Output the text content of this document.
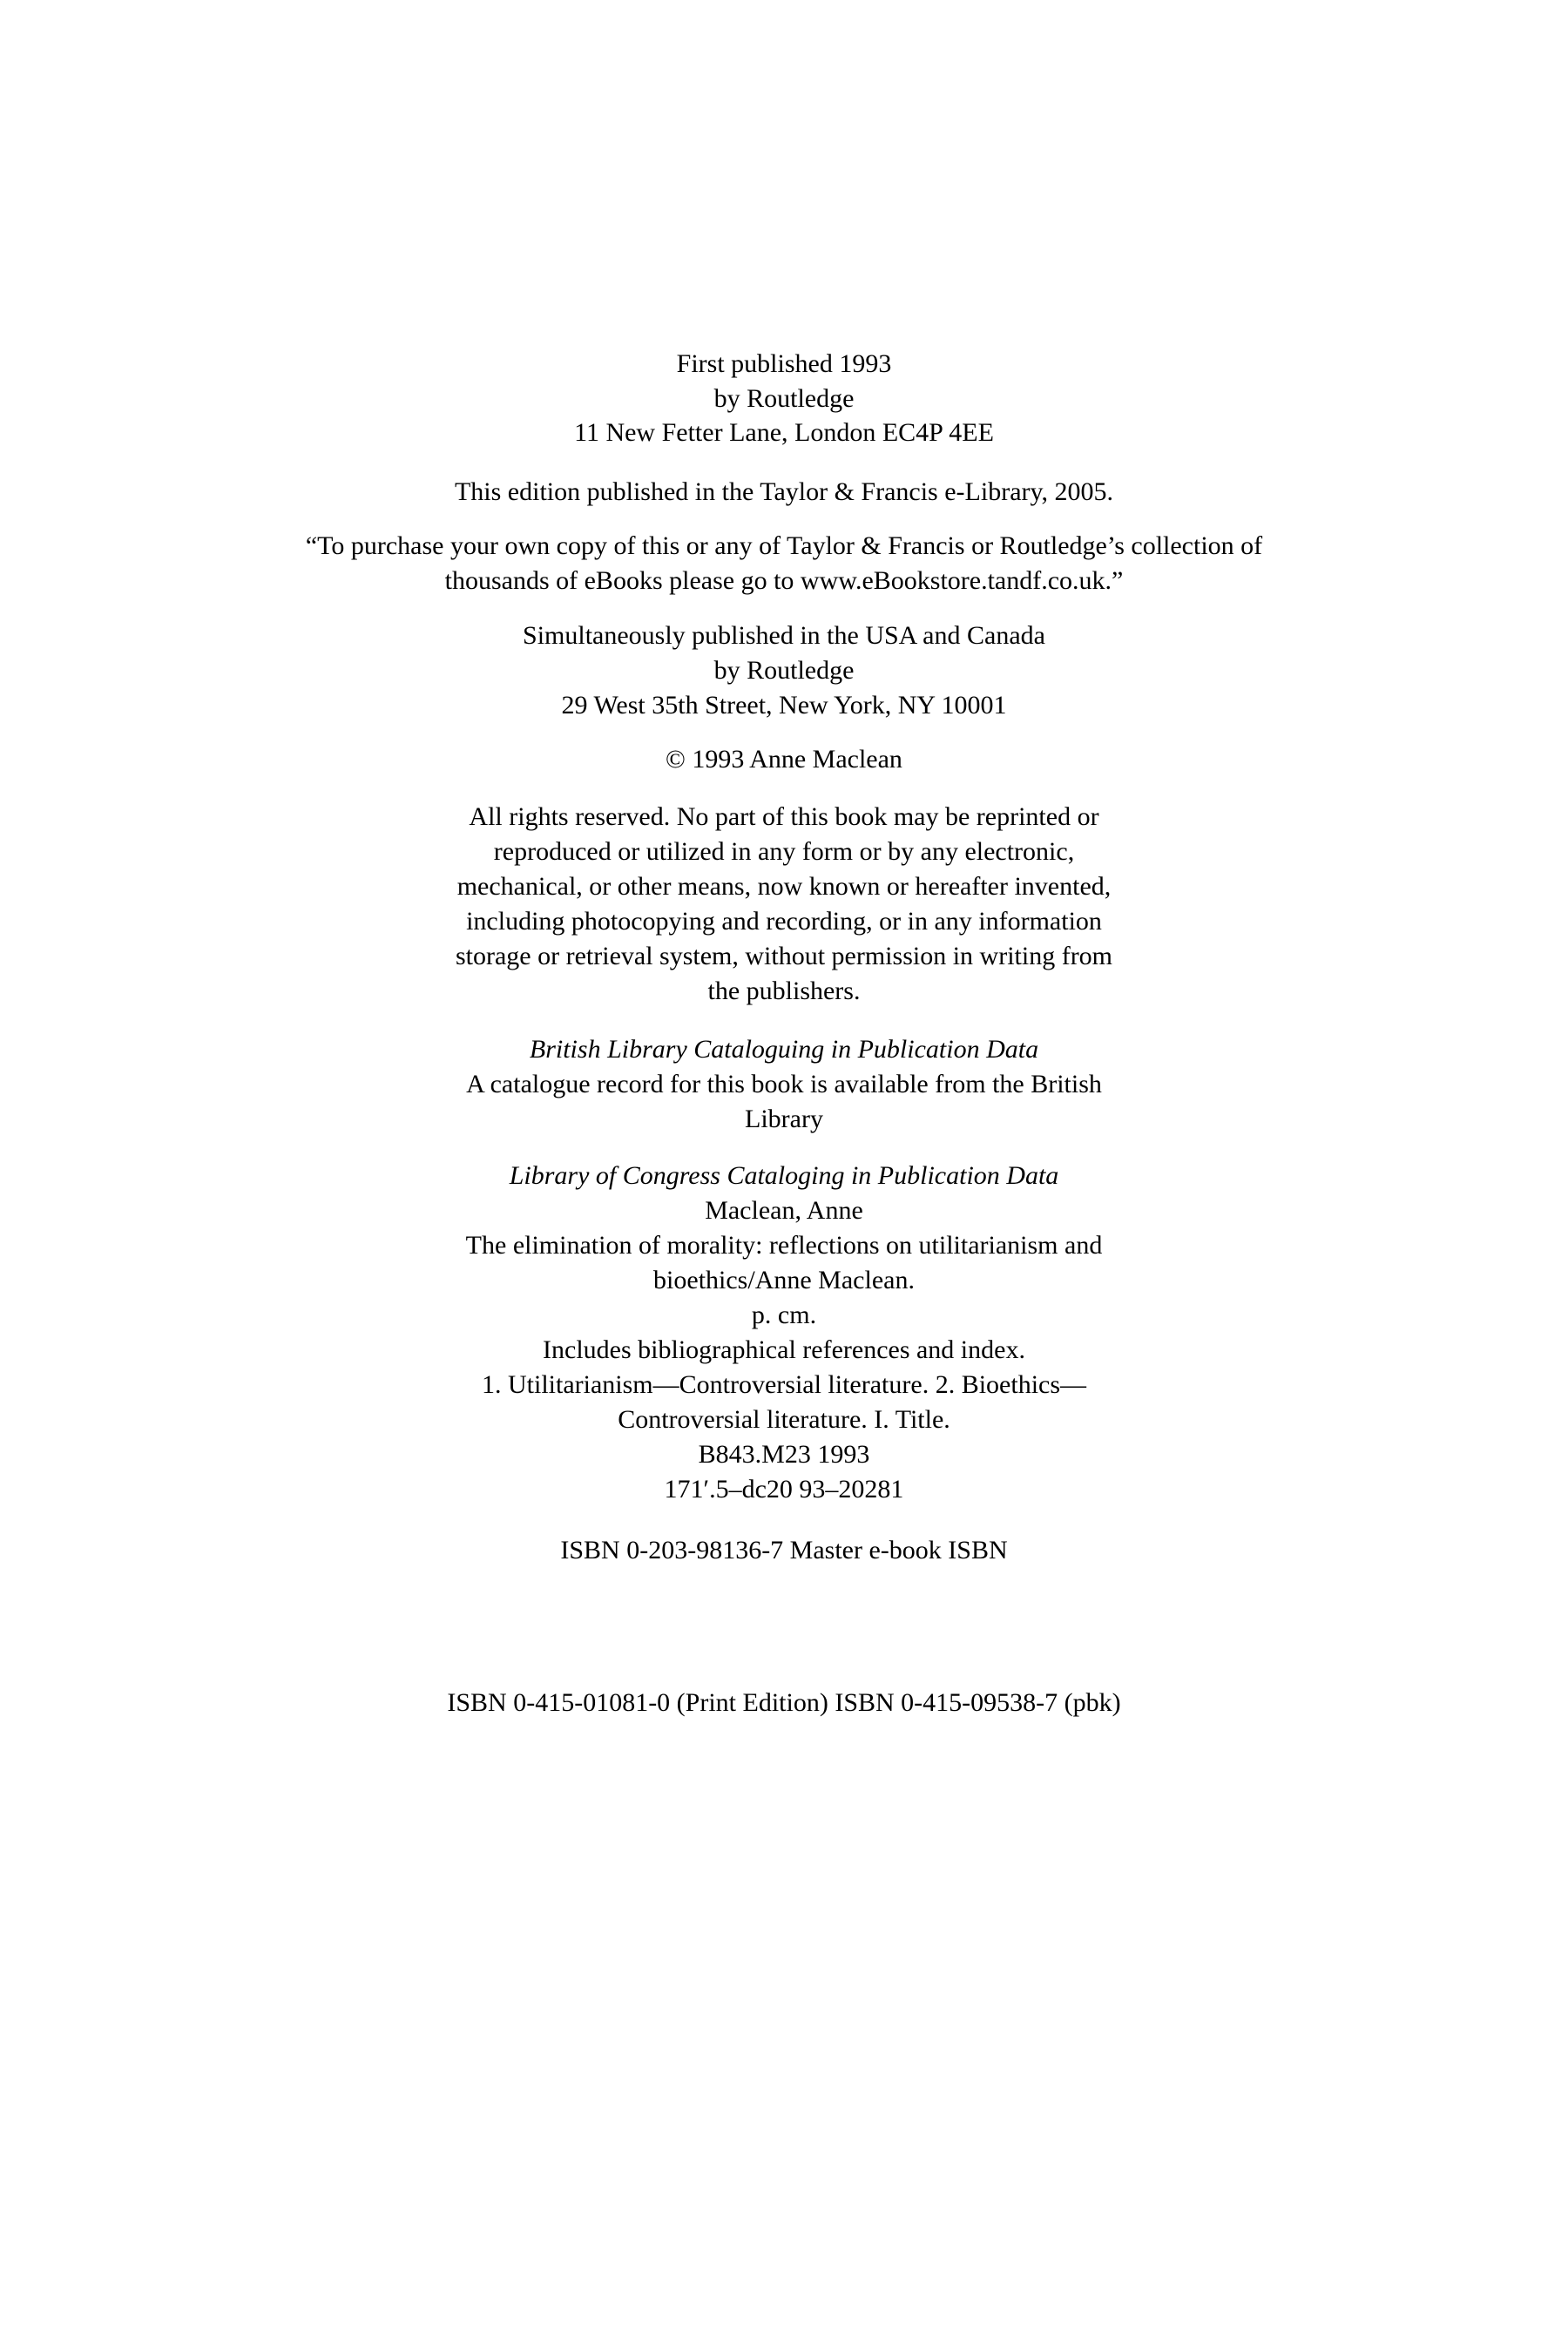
First published 1993
by Routledge
11 New Fetter Lane, London EC4P 4EE
This edition published in the Taylor & Francis e-Library, 2005.
“To purchase your own copy of this or any of Taylor & Francis or Routledge’s collection of
thousands of eBooks please go to www.eBookstore.tandf.co.uk.”
Simultaneously published in the USA and Canada
by Routledge
29 West 35th Street, New York, NY 10001
© 1993 Anne Maclean
All rights reserved. No part of this book may be reprinted or
reproduced or utilized in any form or by any electronic,
mechanical, or other means, now known or hereafter invented,
including photocopying and recording, or in any information
storage or retrieval system, without permission in writing from
the publishers.
British Library Cataloguing in Publication Data
A catalogue record for this book is available from the British
Library
Library of Congress Cataloging in Publication Data
Maclean, Anne
The elimination of morality: reflections on utilitarianism and
bioethics/Anne Maclean.
p. cm.
Includes bibliographical references and index.
1. Utilitarianism—Controversial literature. 2. Bioethics—
Controversial literature. I. Title.
B843.M23 1993
171′.5–dc20 93–20281
ISBN 0-203-98136-7 Master e-book ISBN
ISBN 0-415-01081-0 (Print Edition) ISBN 0-415-09538-7 (pbk)
